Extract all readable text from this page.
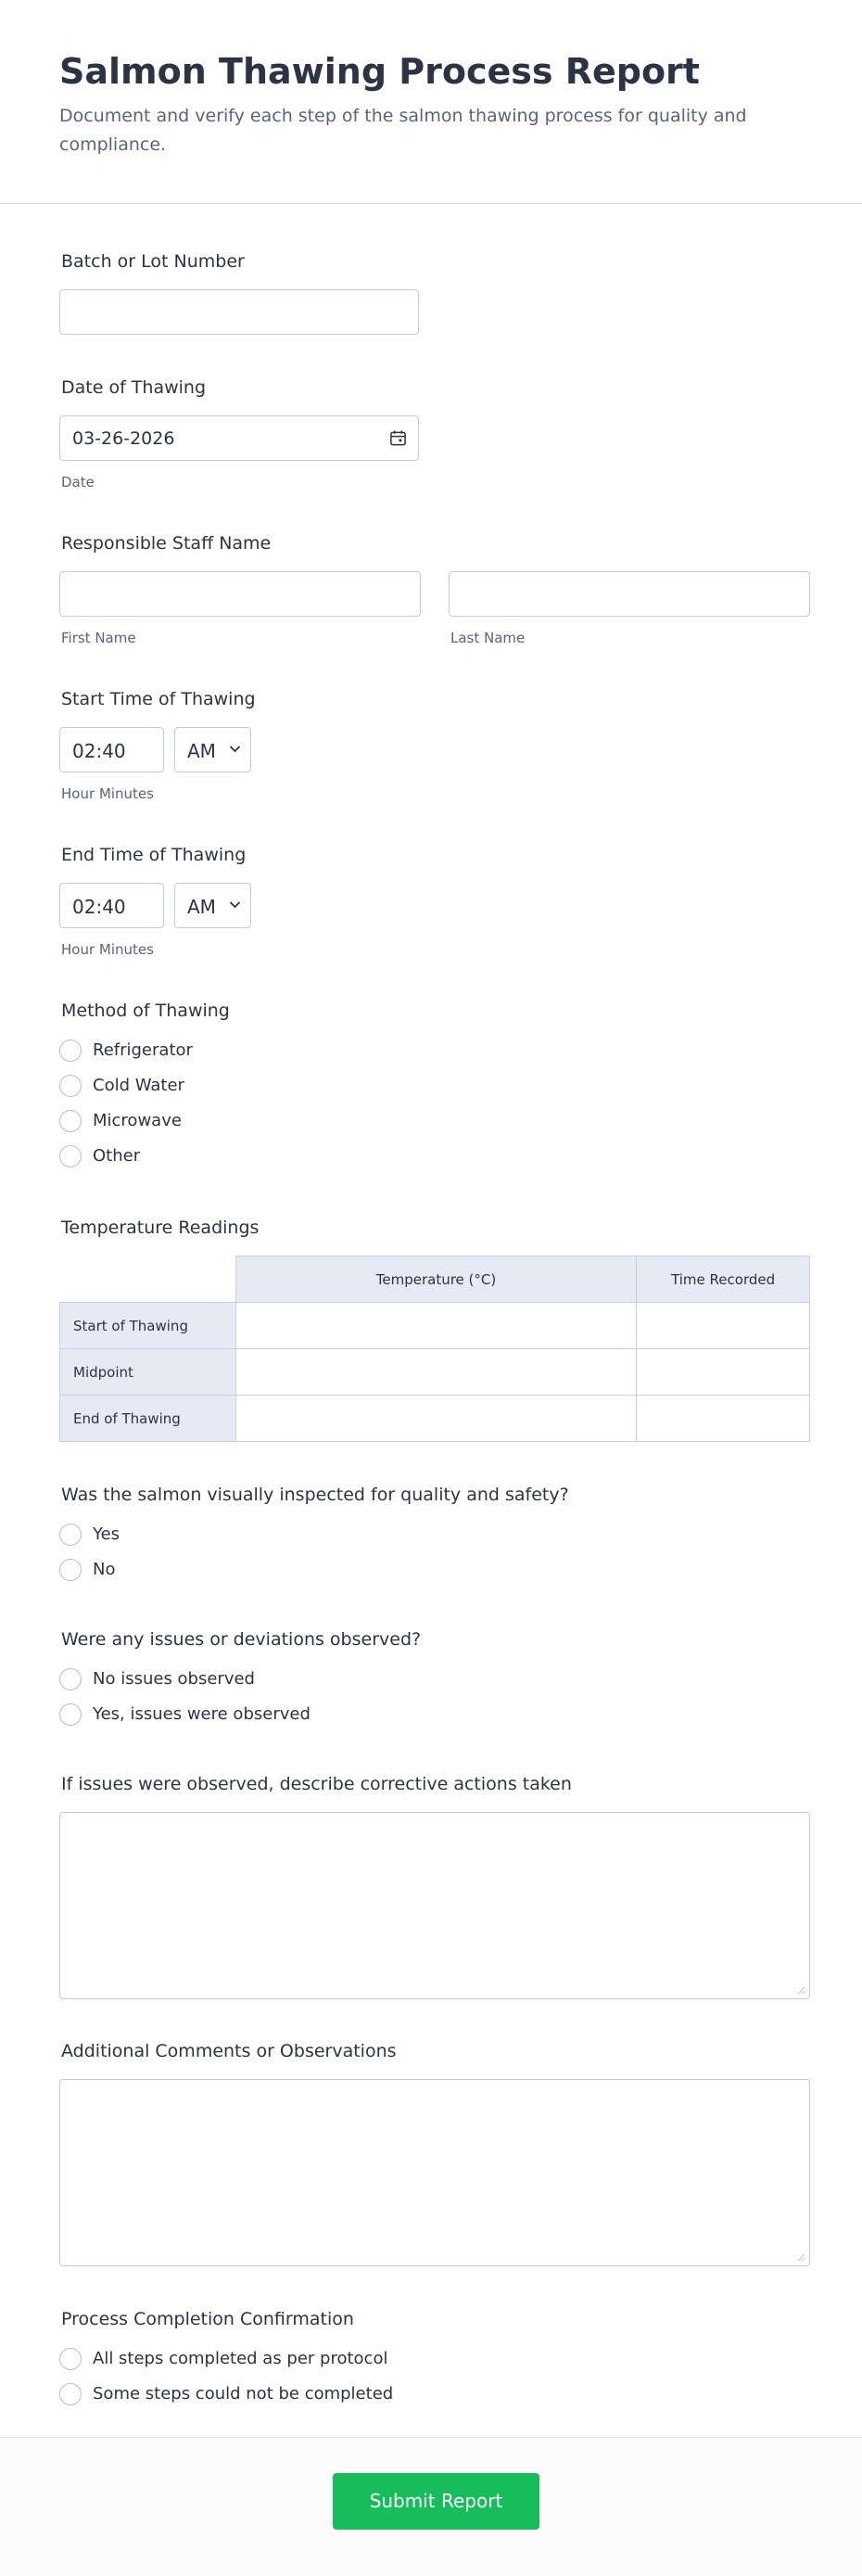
Salmon Thawing Process Report
Document and verify each step of the salmon thawing process for quality and compliance.
Batch or Lot Number
Date of Thawing
03-26-2026
Date
Responsible Staff Name
First Name	Last Name
Start Time of Thawing
02:40	AM
Hour Minutes
End Time of Thawing
02:40	AM
Hour Minutes
Method of Thawing
Refrigerator
Cold Water
Microwave
Other
Temperature Readings
	Temperature (°C)	Time Recorded
Start of Thawing		
Midpoint		
End of Thawing		
Was the salmon visually inspected for quality and safety?
Yes
No
Were any issues or deviations observed?
No issues observed
Yes, issues were observed
If issues were observed, describe corrective actions taken
Additional Comments or Observations
Process Completion Confirmation
All steps completed as per protocol
Some steps could not be completed
Submit Report
